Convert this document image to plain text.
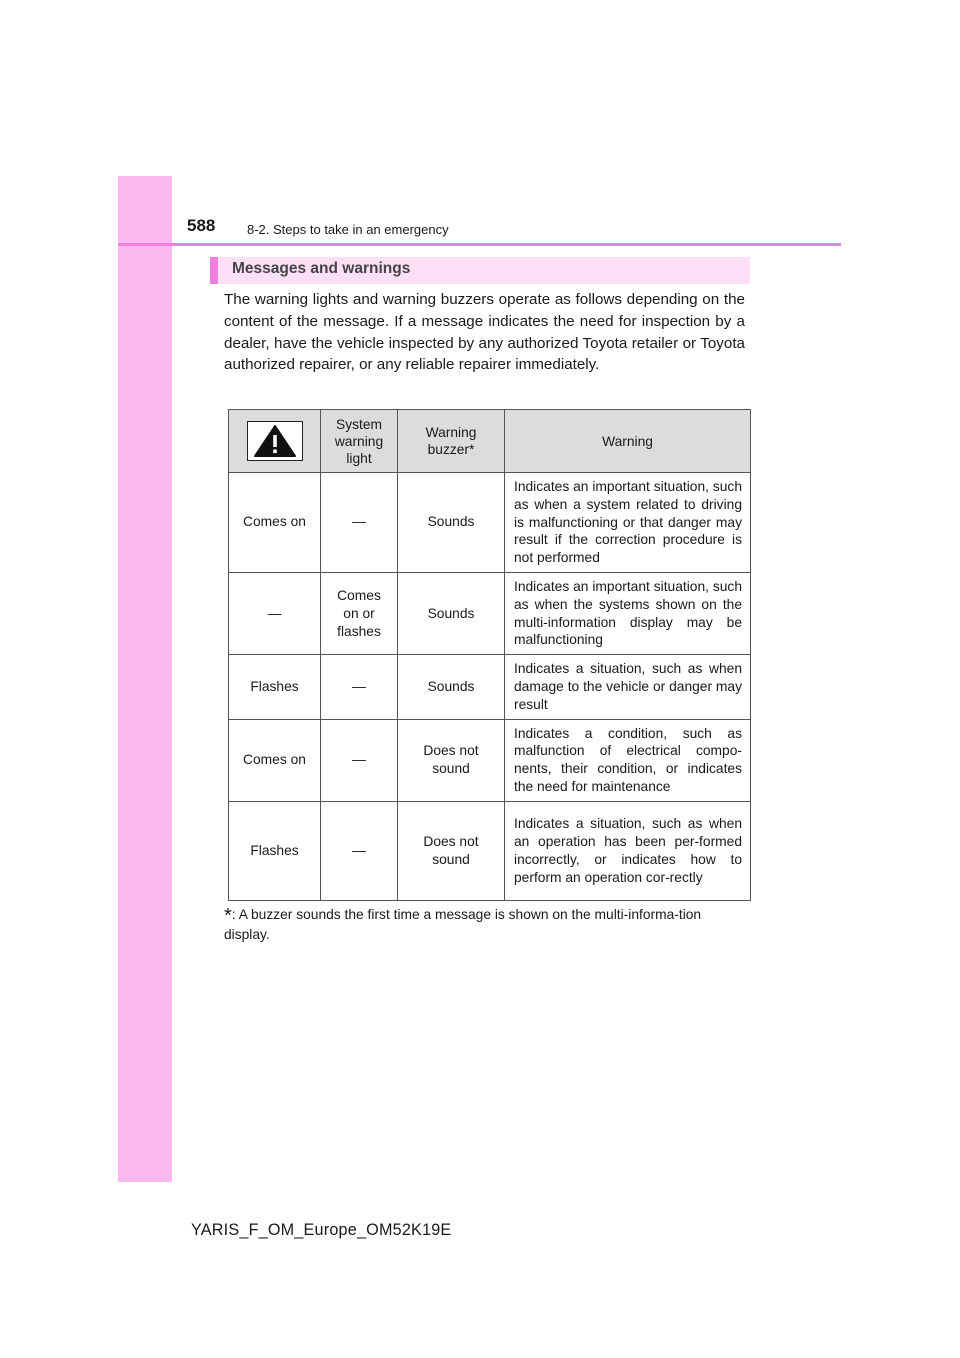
588 8-2. Steps to take in an emergency
Messages and warnings
The warning lights and warning buzzers operate as follows depending on the content of the message. If a message indicates the need for inspection by a dealer, have the vehicle inspected by any authorized Toyota retailer or Toyota authorized repairer, or any reliable repairer immediately.
	System warning light	Warning buzzer*	Warning
Comes on	—	Sounds	Indicates an important situation, such as when a system related to driving is malfunctioning or that danger may result if the correction procedure is not performed
—	Comes on or flashes	Sounds	Indicates an important situation, such as when the systems shown on the multi-information display may be malfunctioning
Flashes	—	Sounds	Indicates a situation, such as when damage to the vehicle or danger may result
Comes on	—	Does not sound	Indicates a condition, such as malfunction of electrical compo-nents, their condition, or indicates the need for maintenance
Flashes	—	Does not sound	Indicates a situation, such as when an operation has been per-formed incorrectly, or indicates how to perform an operation cor-rectly
*: A buzzer sounds the first time a message is shown on the multi-informa-tion display.
YARIS_F_OM_Europe_OM52K19E
